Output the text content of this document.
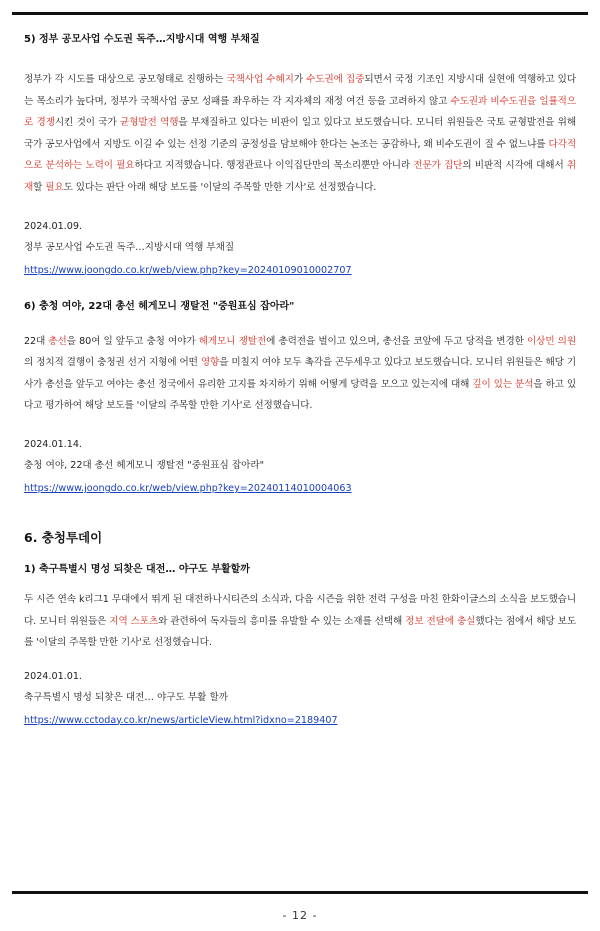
5) 정부 공모사업 수도권 독주…지방시대 역행 부채질

정부가 각 시도를 대상으로 공모형태로 진행하는 국책사업 수혜지가 수도권에 집중되면서 국정 기조인 지방시대 실현에 역행하고 있다는 목소리가 높다며, 정부가 국책사업 공모 성패를 좌우하는 각 지자체의 재정 여건 등을 고려하지 않고 수도권과 비수도권을 일률적으로 경쟁시킨 것이 국가 균형발전 역행을 부채질하고 있다는 비판이 일고 있다고 보도했습니다. 모니터 위원들은 국토 균형발전을 위해 국가 공모사업에서 지방도 이길 수 있는 선정 기준의 공정성을 담보해야 한다는 논조는 공감하나, 왜 비수도권이 질 수 없느냐를 다각적으로 분석하는 노력이 필요하다고 지적했습니다. 행정관료나 이익집단만의 목소리뿐만 아니라 전문가 집단의 비판적 시각에 대해서 취재할 필요도 있다는 판단 아래 해당 보도를 '이달의 주목할 만한 기사'로 선정했습니다.

2024.01.09.

정부 공모사업 수도권 독주…지방시대 역행 부채질

https://www.joongdo.co.kr/web/view.php?key=20240109010002707

6) 충청 여야, 22대 총선 헤게모니 쟁탈전 "중원표심 잡아라"

22대 총선을 80여 일 앞두고 충청 여야가 헤게모니 쟁탈전에 총력전을 벌이고 있으며, 총선을 코앞에 두고 당적을 변경한 이상민 의원의 정치적 결행이 충청권 선거 지형에 어떤 영향을 미칠지 여야 모두 촉각을 곤두세우고 있다고 보도했습니다. 모니터 위원들은 해당 기사가 총선을 앞두고 여야는 총선 정국에서 유리한 고지를 차지하기 위해 어떻게 당력을 모으고 있는지에 대해 깊이 있는 분석을 하고 있다고 평가하여 해당 보도를 '이달의 주목할 만한 기사'로 선정했습니다.

2024.01.14.

충청 여야, 22대 총선 헤게모니 쟁탈전 "중원표심 잡아라"

https://www.joongdo.co.kr/web/view.php?key=20240114010004063

6. 충청투데이

1) 축구특별시 명성 되찾은 대전… 야구도 부활할까

두 시즌 연속 k리그1 무대에서 뛰게 된 대전하나시티즌의 소식과, 다음 시즌을 위한 전력 구성을 마친 한화이글스의 소식을 보도했습니다. 모니터 위원들은 지역 스포츠와 관련하여 독자들의 흥미를 유발할 수 있는 소재를 선택해 정보 전달에 충실했다는 점에서 해당 보도를 '이달의 주목할 만한 기사'로 선정했습니다.

2024.01.01.

축구특별시 명성 되찾은 대전… 야구도 부활 할까

https://www.cctoday.co.kr/news/articleView.html?idxno=2189407
- 12 -
